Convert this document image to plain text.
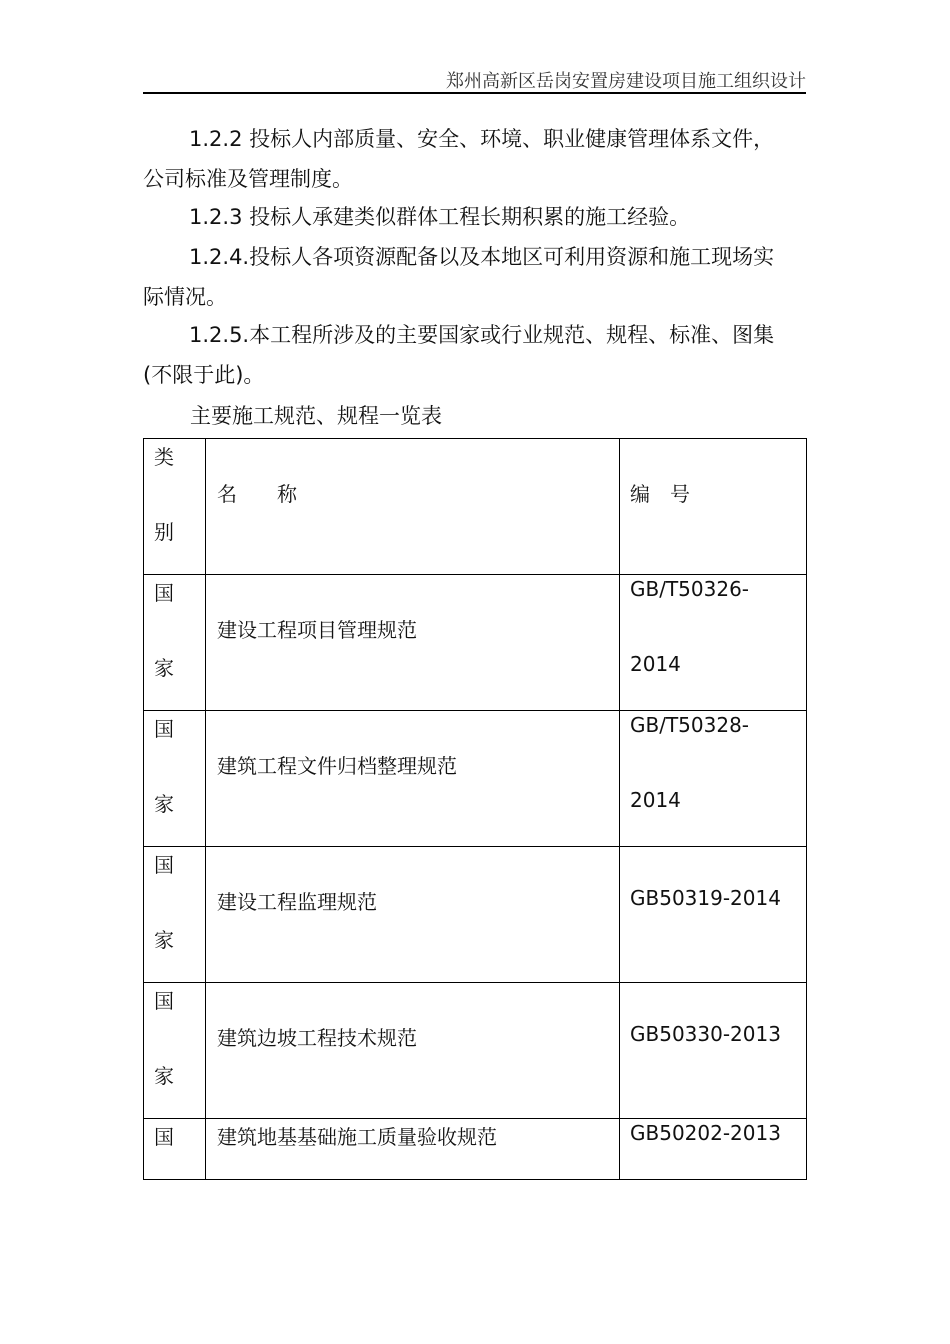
郑州高新区岳岗安置房建设项目施工组织设计

1.2.2 投标人内部质量、安全、环境、职业健康管理体系文件，
公司标准及管理制度。

1.2.3 投标人承建类似群体工程长期积累的施工经验。

1.2.4.投标人各项资源配备以及本地区可利用资源和施工现场实
际情况。

1.2.5.本工程所涉及的主要国家或行业规范、规程、标准、图集
(不限于此)。

主要施工规范、规程一览表
类
别	名　　称	编　号

国
家	建设工程项目管理规范	GB/T50326-
2014

国
家	建筑工程文件归档整理规范	GB/T50328-
2014

国
家	建设工程监理规范	GB50319-2014

国
家	建筑边坡工程技术规范	GB50330-2013

国	建筑地基基础施工质量验收规范	GB50202-2013
